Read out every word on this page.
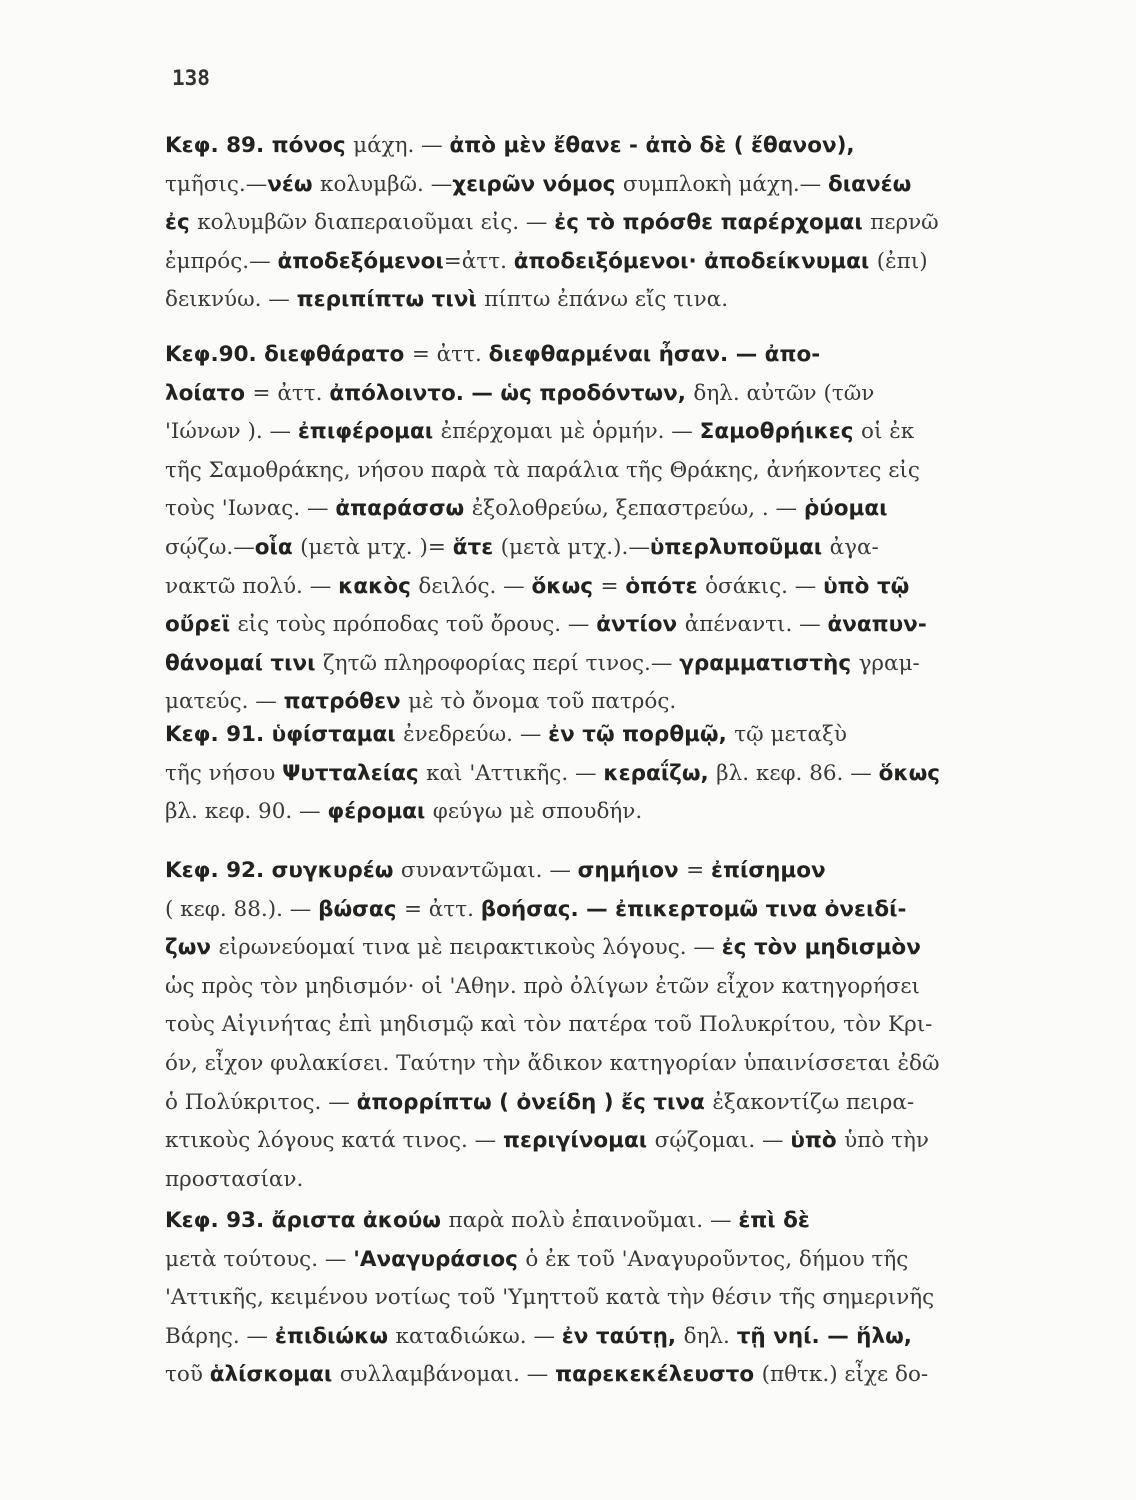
138
Κεφ. 89. πόνος μάχη. — ἀπὸ μὲν ἔθανε - ἀπὸ δὲ ( ἔθανον),
τμῆσις.—νέω κολυμβῶ. —χειρῶν νόμος συμπλοκὴ μάχη.— διανέω
ἐς κολυμβῶν διαπεραιοῦμαι εἰς. — ἐς τὸ πρόσθε παρέρχομαι περνῶ
ἐμπρός.— ἀποδεξόμενοι=ἀττ. ἀποδειξόμενοι· ἀποδείκνυμαι (ἐπι)
δεικνύω. — περιπίπτω τινὶ πίπτω ἐπάνω εἴς τινα.
Κεφ.90. διεφθάρατο = ἀττ. διεφθαρμέναι ἦσαν. — ἀπο-
λοίατο = ἀττ. ἀπόλοιντο. — ὡς προδόντων, δηλ. αὐτῶν (τῶν
'Ιώνων ). — ἐπιφέρομαι ἐπέρχομαι μὲ ὁρμήν. — Σαμοθρήικες οἱ ἐκ
τῆς Σαμοθράκης, νήσου παρὰ τὰ παράλια τῆς Θράκης, ἀνήκοντες εἰς
τοὺς 'Ιωνας. — ἀπαράσσω ἐξολοθρεύω, ξεπαστρεύω, . — ῥύομαι
σῴζω.—οἷα (μετὰ μτχ. )= ἅτε (μετὰ μτχ.).—ὑπερλυποῦμαι ἀγα-
νακτῶ πολύ. — κακὸς δειλός. — ὅκως = ὁπότε ὁσάκις. — ὑπὸ τῷ
οὔρεϊ εἰς τοὺς πρόποδας τοῦ ὄρους. — ἀντίον ἀπέναντι. — ἀναπυν-
θάνομαί τινι ζητῶ πληροφορίας περί τινος.— γραμματιστὴς γραμ-
ματεύς. — πατρόθεν μὲ τὸ ὄνομα τοῦ πατρός.
Κεφ. 91. ὑφίσταμαι ἐνεδρεύω. — ἐν τῷ πορθμῷ, τῷ μεταξὺ
τῆς νήσου Ψυτταλείας καὶ 'Αττικῆς. — κεραΐζω, βλ. κεφ. 86. — ὅκως
βλ. κεφ. 90. — φέρομαι φεύγω μὲ σπουδήν.
Κεφ. 92. συγκυρέω συναντῶμαι. — σημήιον = ἐπίσημον
( κεφ. 88.). — βώσας = ἀττ. βοήσας. — ἐπικερτομῶ τινα ὀνειδί-
ζων εἰρωνεύομαί τινα μὲ πειρακτικοὺς λόγους. — ἐς τὸν μηδισμὸν
ὡς πρὸς τὸν μηδισμόν· οἱ 'Αθην. πρὸ ὀλίγων ἐτῶν εἶχον κατηγορήσει
τοὺς Αἰγινήτας ἐπὶ μηδισμῷ καὶ τὸν πατέρα τοῦ Πολυκρίτου, τὸν Κρι-
όν, εἶχον φυλακίσει. Ταύτην τὴν ἄδικον κατηγορίαν ὑπαινίσσεται ἐδῶ
ὁ Πολύκριτος. — ἀπορρίπτω ( ὀνείδη ) ἔς τινα ἐξακοντίζω πειρα-
κτικοὺς λόγους κατά τινος. — περιγίνομαι σῴζομαι. — ὑπὸ ὑπὸ τὴν
προστασίαν.
Κεφ. 93. ἄριστα ἀκούω παρὰ πολὺ ἐπαινοῦμαι. — ἐπὶ δὲ
μετὰ τούτους. — 'Αναγυράσιος ὁ ἐκ τοῦ 'Αναγυροῦντος, δήμου τῆς
'Αττικῆς, κειμένου νοτίως τοῦ 'Υμηττοῦ κατὰ τὴν θέσιν τῆς σημερινῆς
Βάρης. — ἐπιδιώκω καταδιώκω. — ἐν ταύτῃ, δηλ. τῇ νηί. — ἥλω,
τοῦ ἁλίσκομαι συλλαμβάνομαι. — παρεκεκέλευστο (πθτκ.) εἶχε δο-
